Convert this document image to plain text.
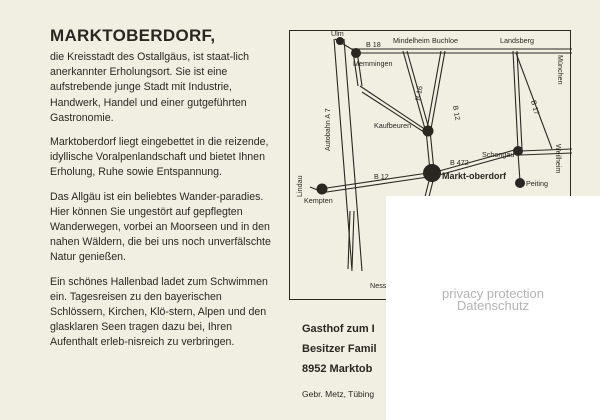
MARKTOBERDORF,

die Kreisstadt des Ostallgäus, ist staat-lich anerkannter Erholungsort. Sie ist eine aufstrebende junge Stadt mit Industrie, Handwerk, Handel und einer gutgeführten Gastronomie.

Marktoberdorf liegt eingebettet in die reizende, idyllische Voralpenlandschaft und bietet Ihnen Erholung, Ruhe sowie Entspannung.

Das Allgäu ist ein beliebtes Wander-paradies. Hier können Sie ungestört auf gepflegten Wanderwegen, vorbei an Moorseen und in den nahen Wäldern, die bei uns noch unverfälschte Natur genießen.

Ein schönes Hallenbad ladet zum Schwimmen ein. Tagesreisen zu den bayerischen Schlössern, Kirchen, Klö-stern, Alpen und den glasklaren Seen tragen dazu bei, Ihren Aufenthalt erleb-nisreich zu verbringen.

Ulm
Memmingen
Mindelheim Buchloe	Landsberg
München
Kaufbeuren
Schongau	Weilheim
Markt-oberdorf
Peiting
Lindau
Kempten
Ness
B 18
B 16
B 12	B 17
B 472
B 12
Autobahn A 7
Gasthof zum I
Besitzer Famil
8952 Marktob
Gebr. Metz, Tübing
privacy protection
Datenschutz
